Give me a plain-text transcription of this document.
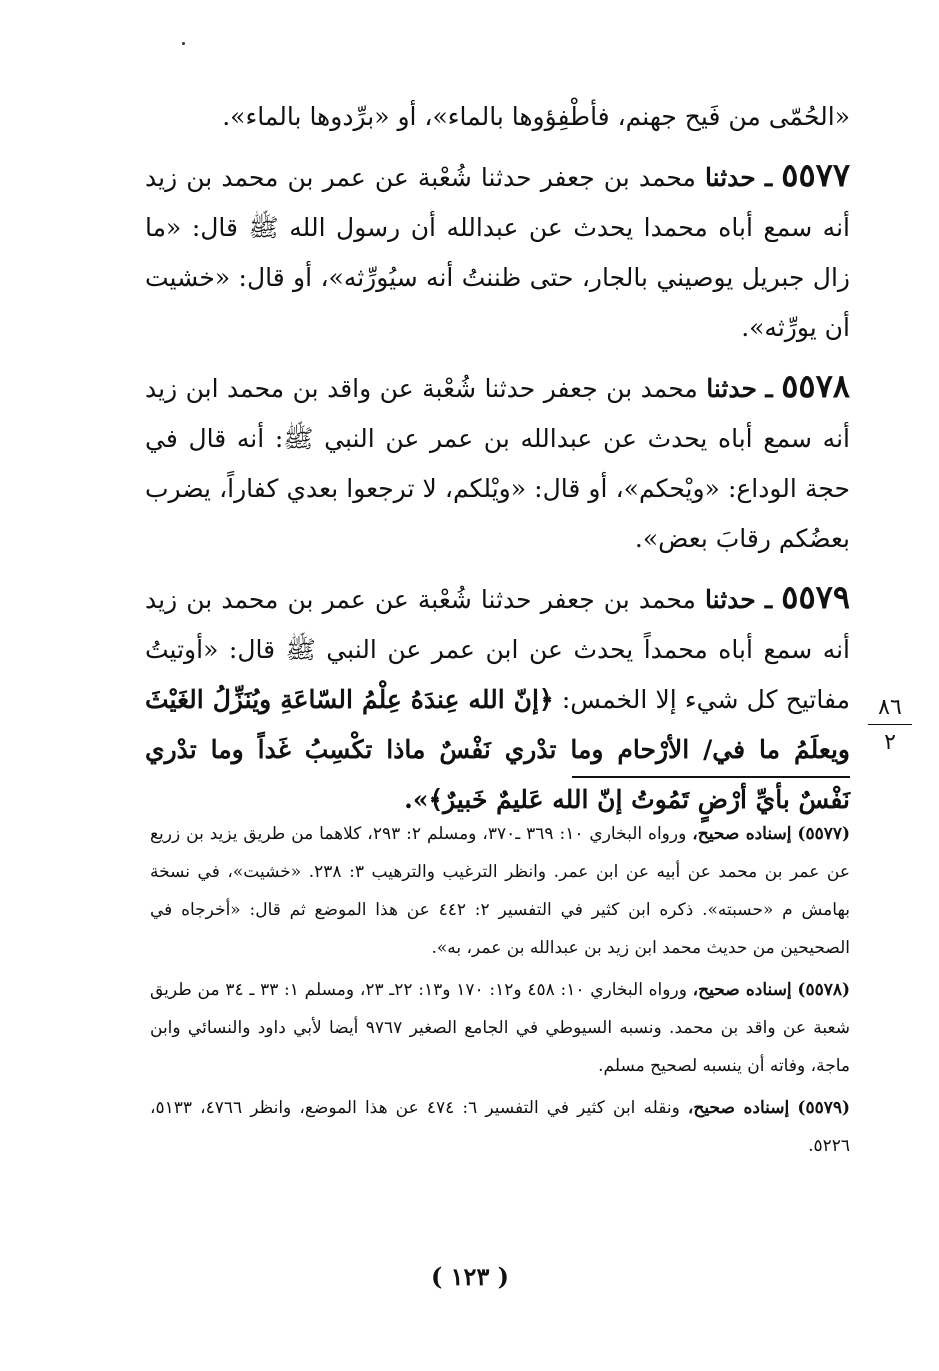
«الحُمّى من فَيح جهنم، فأطْفِؤوها بالماء»، أو «برِّدوها بالماء».

٥٥٧٧ ـ حدثنا محمد بن جعفر حدثنا شُعْبة عن عمر بن محمد بن زيد أنه سمع أباه محمدا يحدث عن عبدالله أن رسول الله ﷺ قال: «ما زال جبريل يوصيني بالجار، حتى ظننتُ أنه سيُورِّثه»، أو قال: «خشيت أن يورِّثه».

٥٥٧٨ ـ حدثنا محمد بن جعفر حدثنا شُعْبة عن واقد بن محمد ابن زيد أنه سمع أباه يحدث عن عبدالله بن عمر عن النبي ﷺ: أنه قال في حجة الوداع: «ويْحكم»، أو قال: «ويْلكم، لا ترجعوا بعدي كفاراً، يضرب بعضُكم رقابَ بعض».

٥٥٧٩ ـ حدثنا محمد بن جعفر حدثنا شُعْبة عن عمر بن محمد بن زيد أنه سمع أباه محمداً يحدث عن ابن عمر عن النبي ﷺ قال: «أوتيتُ مفاتيح كل شيء إلا الخمس: ﴿إنّ الله عِندَهُ عِلْمُ السّاعَةِ ويُنَزِّلُ الغَيْثَ ويعلَمُ ما في/ الأرْحام وما تدْري نَفْسٌ ماذا تكْسِبُ غَداً وما تدْري نَفْسٌ بأيِّ أرْضٍ تَمُوتُ إنّ الله عَليمٌ خَبيرٌ﴾».

٨٦
٢

(٥٥٧٧) إسناده صحيح، ورواه البخاري ١٠: ٣٦٩ ـ٣٧٠، ومسلم ٢: ٢٩٣، كلاهما من طريق يزيد بن زريع عن عمر بن محمد عن أبيه عن ابن عمر. وانظر الترغيب والترهيب ٣: ٢٣٨. «خشيت»، في نسخة بهامش م «حسبته». ذكره ابن كثير في التفسير ٢: ٤٤٢ عن هذا الموضع ثم قال: «أخرجاه في الصحيحين من حديث محمد ابن زيد بن عبدالله بن عمر، به».

(٥٥٧٨) إسناده صحيح، ورواه البخاري ١٠: ٤٥٨ و١٢: ١٧٠ و١٣: ٢٢ـ ٢٣، ومسلم ١: ٣٣ ـ ٣٤ من طريق شعبة عن واقد بن محمد. ونسبه السيوطي في الجامع الصغير ٩٧٦٧ أيضا لأبي داود والنسائي وابن ماجة، وفاته أن ينسبه لصحيح مسلم.

(٥٥٧٩) إسناده صحيح، ونقله ابن كثير في التفسير ٦: ٤٧٤ عن هذا الموضع، وانظر ٤٧٦٦، ٥١٣٣، ٥٢٢٦.

( ١٢٣ )
